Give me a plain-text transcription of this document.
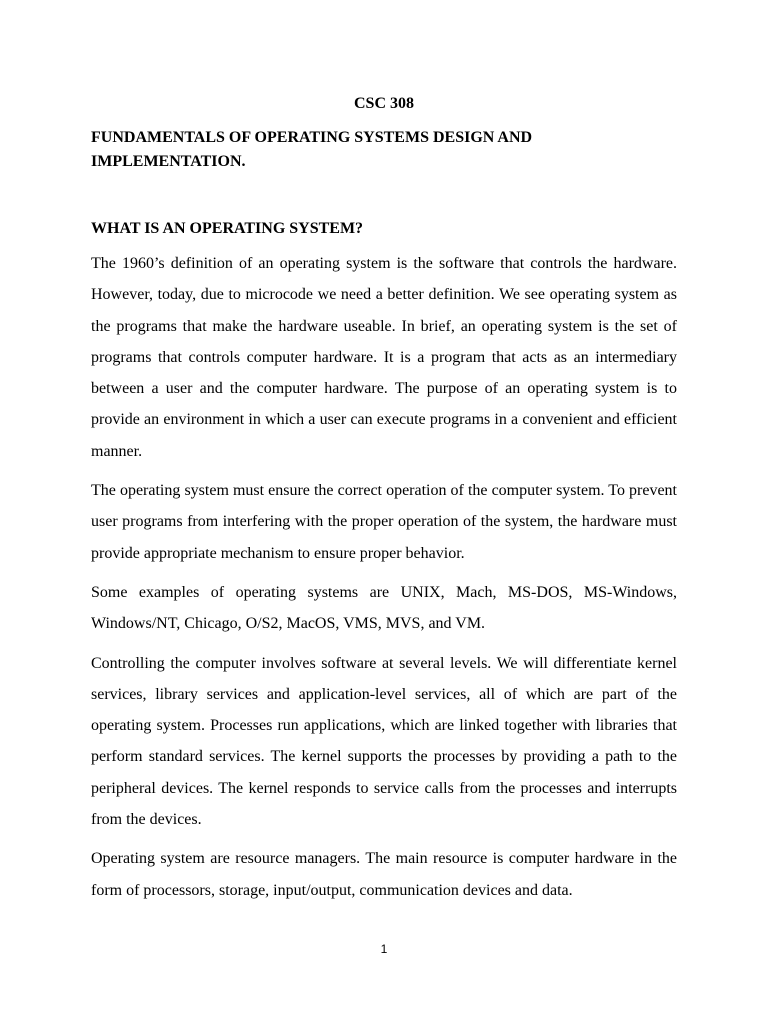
CSC 308
FUNDAMENTALS OF OPERATING SYSTEMS DESIGN AND IMPLEMENTATION.
WHAT IS AN OPERATING SYSTEM?

The 1960’s definition of an operating system is the software that controls the hardware. However, today, due to microcode we need a better definition. We see operating system as the programs that make the hardware useable. In brief, an operating system is the set of programs that controls computer hardware. It is a program that acts as an intermediary between a user and the computer hardware. The purpose of an operating system is to provide an environment in which a user can execute programs in a convenient and efficient manner.

The operating system must ensure the correct operation of the computer system. To prevent user programs from interfering with the proper operation of the system, the hardware must provide appropriate mechanism to ensure proper behavior.

Some examples of operating systems are UNIX, Mach, MS-DOS, MS-Windows, Windows/NT, Chicago, O/S2, MacOS, VMS, MVS, and VM.

Controlling the computer involves software at several levels. We will differentiate kernel services, library services and application-level services, all of which are part of the operating system. Processes run applications, which are linked together with libraries that perform standard services. The kernel supports the processes by providing a path to the peripheral devices. The kernel responds to service calls from the processes and interrupts from the devices.

Operating system are resource managers. The main resource is computer hardware in the form of processors, storage, input/output, communication devices and data.

1
